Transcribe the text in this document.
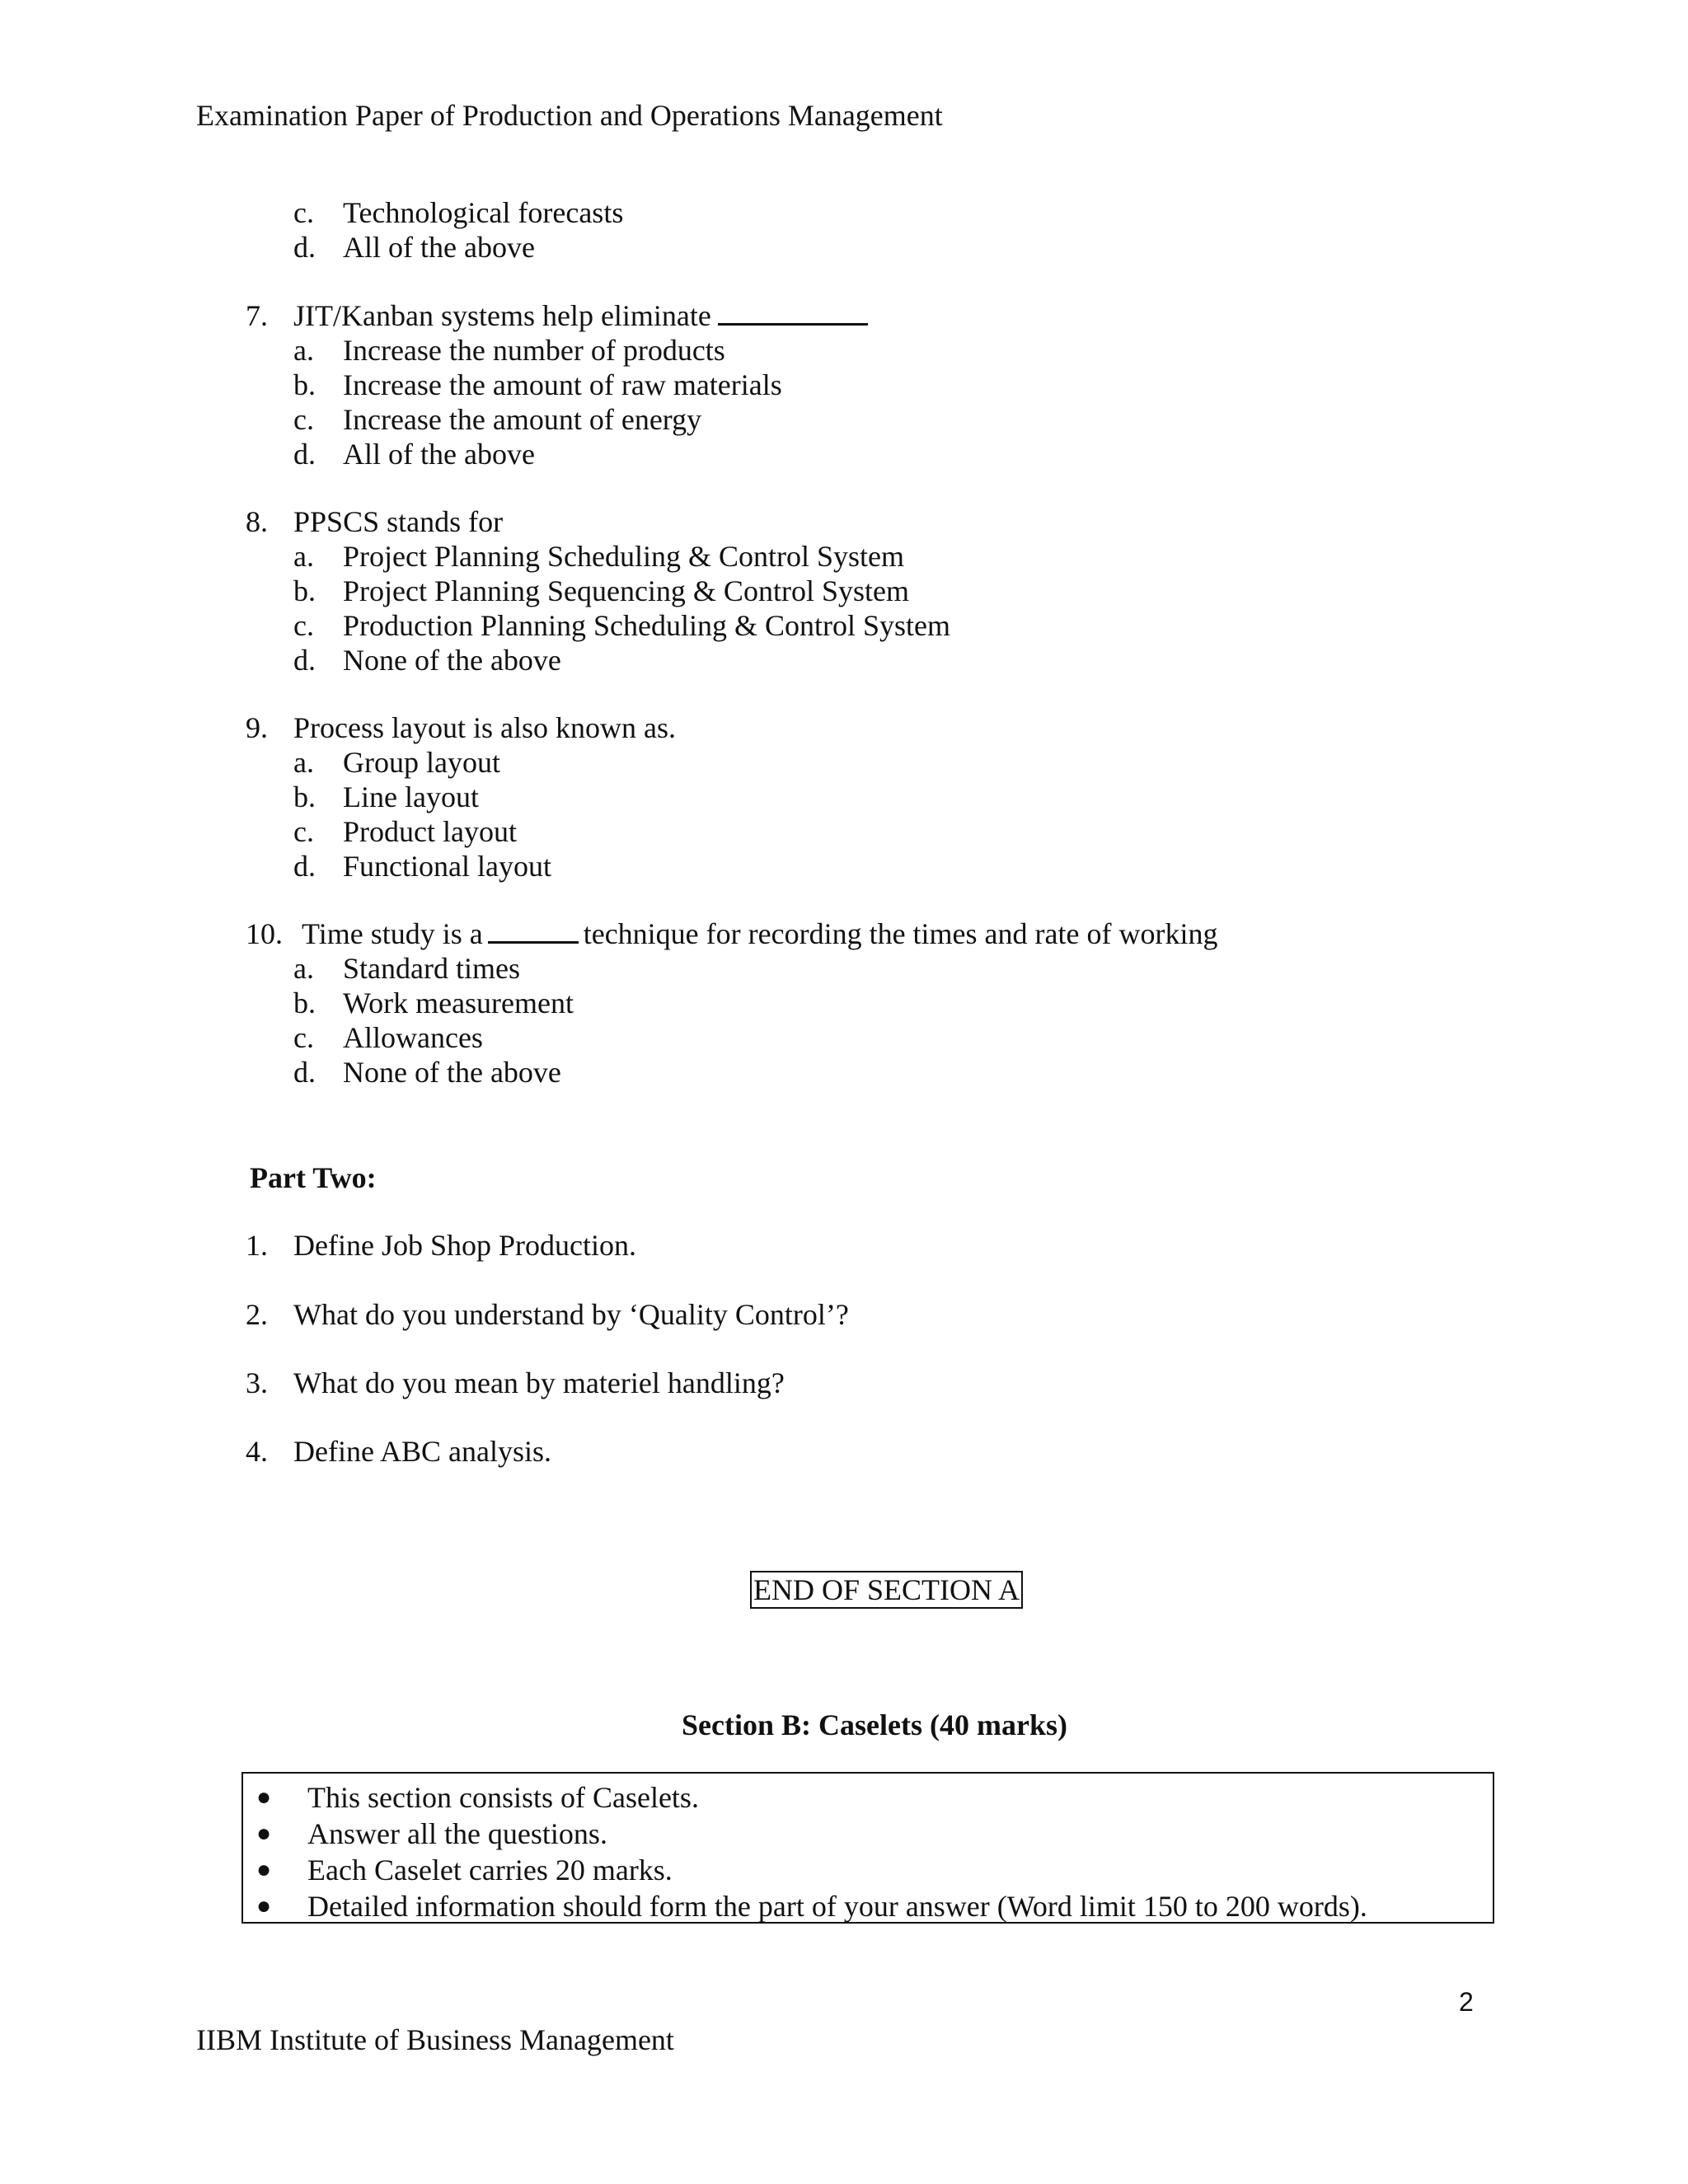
Examination Paper of Production and Operations Management
c. Technological forecasts
d. All of the above
7. JIT/Kanban systems help eliminate
a. Increase the number of products
b. Increase the amount of raw materials
c. Increase the amount of energy
d. All of the above
8. PPSCS stands for
a. Project Planning Scheduling & Control System
b. Project Planning Sequencing & Control System
c. Production Planning Scheduling & Control System
d. None of the above
9. Process layout is also known as.
a. Group layout
b. Line layout
c. Product layout
d. Functional layout
10. Time study is a	technique for recording the times and rate of working
a. Standard times
b. Work measurement
c. Allowances
d. None of the above
Part Two:
1. Define Job Shop Production.
2. What do you understand by ‘Quality Control’?
3. What do you mean by materiel handling?
4. Define ABC analysis.
END OF SECTION A
Section B: Caselets (40 marks)
● This section consists of Caselets.
● Answer all the questions.
● Each Caselet carries 20 marks.
● Detailed information should form the part of your answer (Word limit 150 to 200 words).
2
IIBM Institute of Business Management
